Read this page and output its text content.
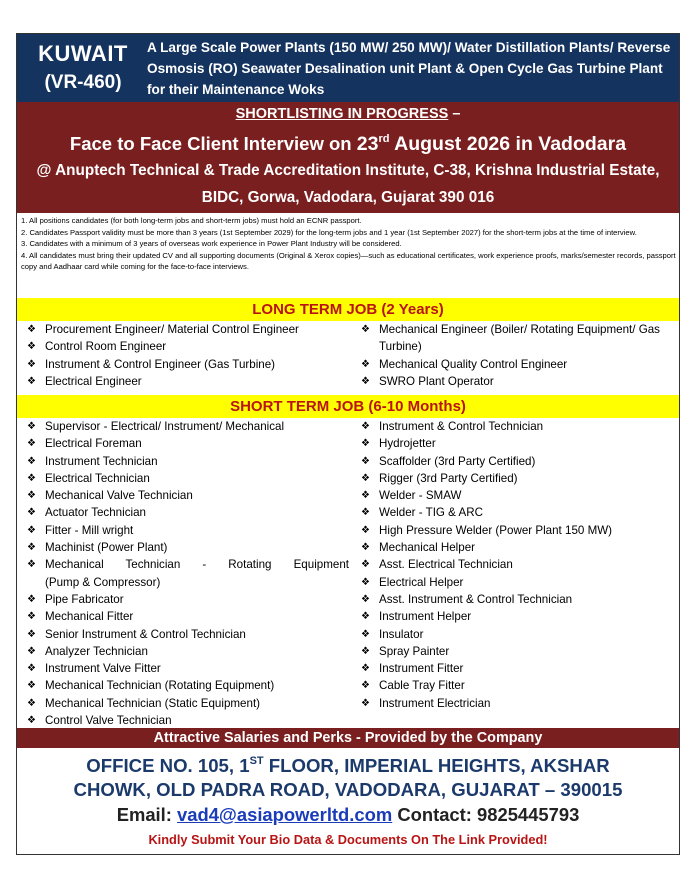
KUWAIT
(VR-460)
A Large Scale Power Plants (150 MW/ 250 MW)/ Water Distillation Plants/ Reverse Osmosis (RO) Seawater Desalination unit Plant & Open Cycle Gas Turbine Plant for their Maintenance Woks
SHORTLISTING IN PROGRESS –
Face to Face Client Interview on 23rd August 2026 in Vadodara
@ Anuptech Technical & Trade Accreditation Institute, C-38, Krishna Industrial Estate, BIDC, Gorwa, Vadodara, Gujarat 390 016
1. All positions candidates (for both long-term jobs and short-term jobs) must hold an ECNR passport.
2. Candidates Passport validity must be more than 3 years (1st September 2029) for the long-term jobs and 1 year (1st September 2027) for the short-term jobs at the time of interview.
3. Candidates with a minimum of 3 years of overseas work experience in Power Plant Industry will be considered.
4. All candidates must bring their updated CV and all supporting documents (Original & Xerox copies)—such as educational certificates, work experience proofs, marks/semester records, passport copy and Aadhaar card while coming for the face-to-face interviews.
LONG TERM JOB (2 Years)
❖ Procurement Engineer/ Material Control Engineer
❖ Control Room Engineer
❖ Instrument & Control Engineer (Gas Turbine)
❖ Electrical Engineer
❖ Mechanical Engineer (Boiler/ Rotating Equipment/ Gas Turbine)
❖ Mechanical Quality Control Engineer
❖ SWRO Plant Operator
SHORT TERM JOB (6-10 Months)
❖ Supervisor - Electrical/ Instrument/ Mechanical
❖ Electrical Foreman
❖ Instrument Technician
❖ Electrical Technician
❖ Mechanical Valve Technician
❖ Actuator Technician
❖ Fitter - Mill wright
❖ Machinist (Power Plant)
❖ Mechanical Technician - Rotating Equipment
(Pump & Compressor)
❖ Pipe Fabricator
❖ Mechanical Fitter
❖ Senior Instrument & Control Technician
❖ Analyzer Technician
❖ Instrument Valve Fitter
❖ Mechanical Technician (Rotating Equipment)
❖ Mechanical Technician (Static Equipment)
❖ Control Valve Technician
❖ Instrument & Control Technician
❖ Hydrojetter
❖ Scaffolder (3rd Party Certified)
❖ Rigger (3rd Party Certified)
❖ Welder - SMAW
❖ Welder - TIG & ARC
❖ High Pressure Welder (Power Plant 150 MW)
❖ Mechanical Helper
❖ Asst. Electrical Technician
❖ Electrical Helper
❖ Asst. Instrument & Control Technician
❖ Instrument Helper
❖ Insulator
❖ Spray Painter
❖ Instrument Fitter
❖ Cable Tray Fitter
❖ Instrument Electrician
Attractive Salaries and Perks - Provided by the Company
OFFICE NO. 105, 1ST FLOOR, IMPERIAL HEIGHTS, AKSHAR
CHOWK, OLD PADRA ROAD, VADODARA, GUJARAT – 390015
Email: vad4@asiapowerltd.com Contact: 9825445793
Kindly Submit Your Bio Data & Documents On The Link Provided!
